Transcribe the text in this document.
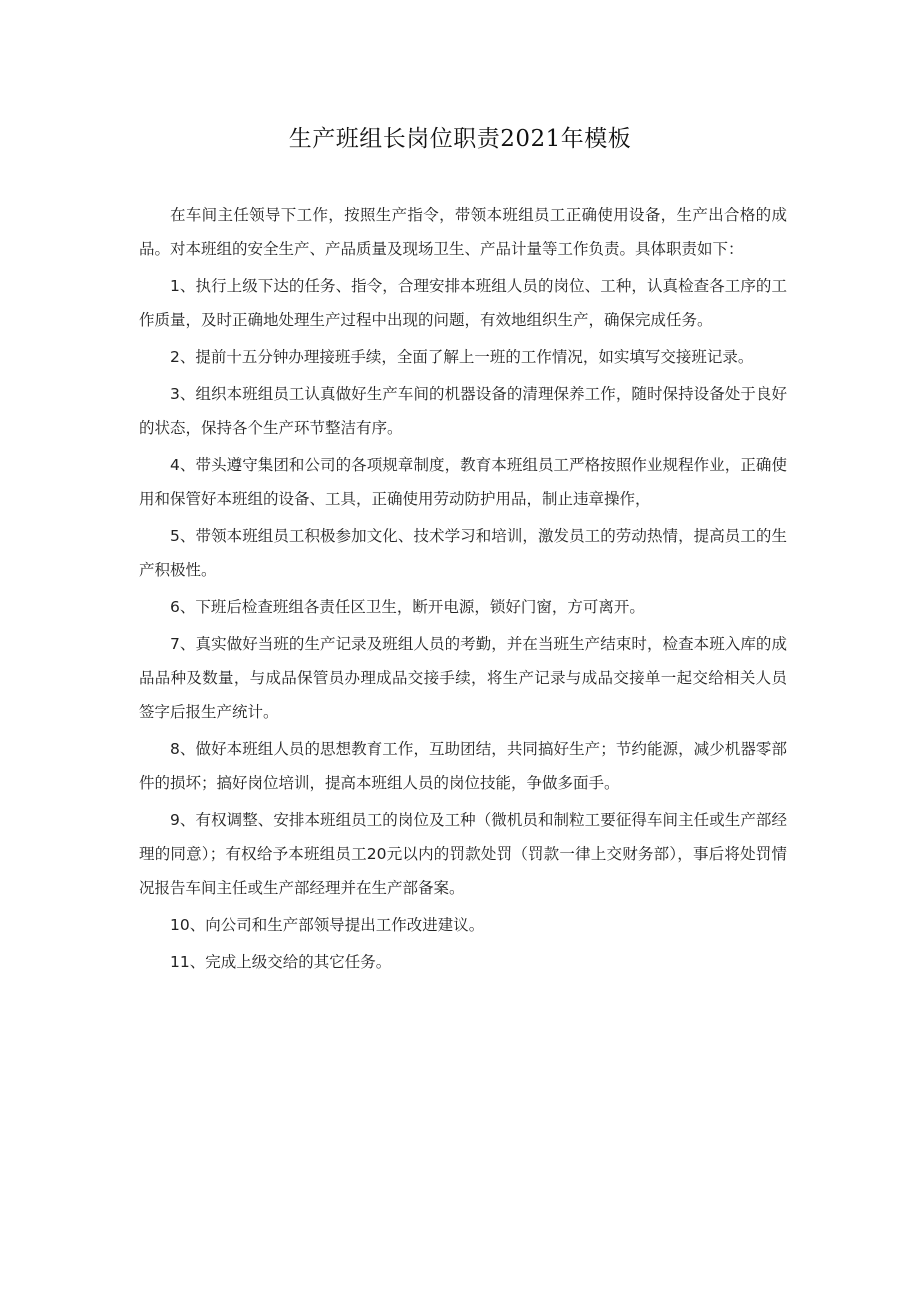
生产班组长岗位职责2021年模板

在车间主任领导下工作，按照生产指令，带领本班组员工正确使用设备，生产出合格的成品。对本班组的安全生产、产品质量及现场卫生、产品计量等工作负责。具体职责如下：

1、执行上级下达的任务、指令，合理安排本班组人员的岗位、工种，认真检查各工序的工作质量，及时正确地处理生产过程中出现的问题，有效地组织生产，确保完成任务。

2、提前十五分钟办理接班手续，全面了解上一班的工作情况，如实填写交接班记录。

3、组织本班组员工认真做好生产车间的机器设备的清理保养工作，随时保持设备处于良好的状态，保持各个生产环节整洁有序。

4、带头遵守集团和公司的各项规章制度，教育本班组员工严格按照作业规程作业，正确使用和保管好本班组的设备、工具，正确使用劳动防护用品，制止违章操作，

5、带领本班组员工积极参加文化、技术学习和培训，激发员工的劳动热情，提高员工的生产积极性。

6、下班后检查班组各责任区卫生，断开电源，锁好门窗，方可离开。

7、真实做好当班的生产记录及班组人员的考勤，并在当班生产结束时，检查本班入库的成品品种及数量，与成品保管员办理成品交接手续，将生产记录与成品交接单一起交给相关人员签字后报生产统计。

8、做好本班组人员的思想教育工作，互助团结，共同搞好生产；节约能源，减少机器零部件的损坏；搞好岗位培训，提高本班组人员的岗位技能，争做多面手。

9、有权调整、安排本班组员工的岗位及工种（微机员和制粒工要征得车间主任或生产部经理的同意）；有权给予本班组员工20元以内的罚款处罚（罚款一律上交财务部），事后将处罚情况报告车间主任或生产部经理并在生产部备案。

10、向公司和生产部领导提出工作改进建议。

11、完成上级交给的其它任务。
